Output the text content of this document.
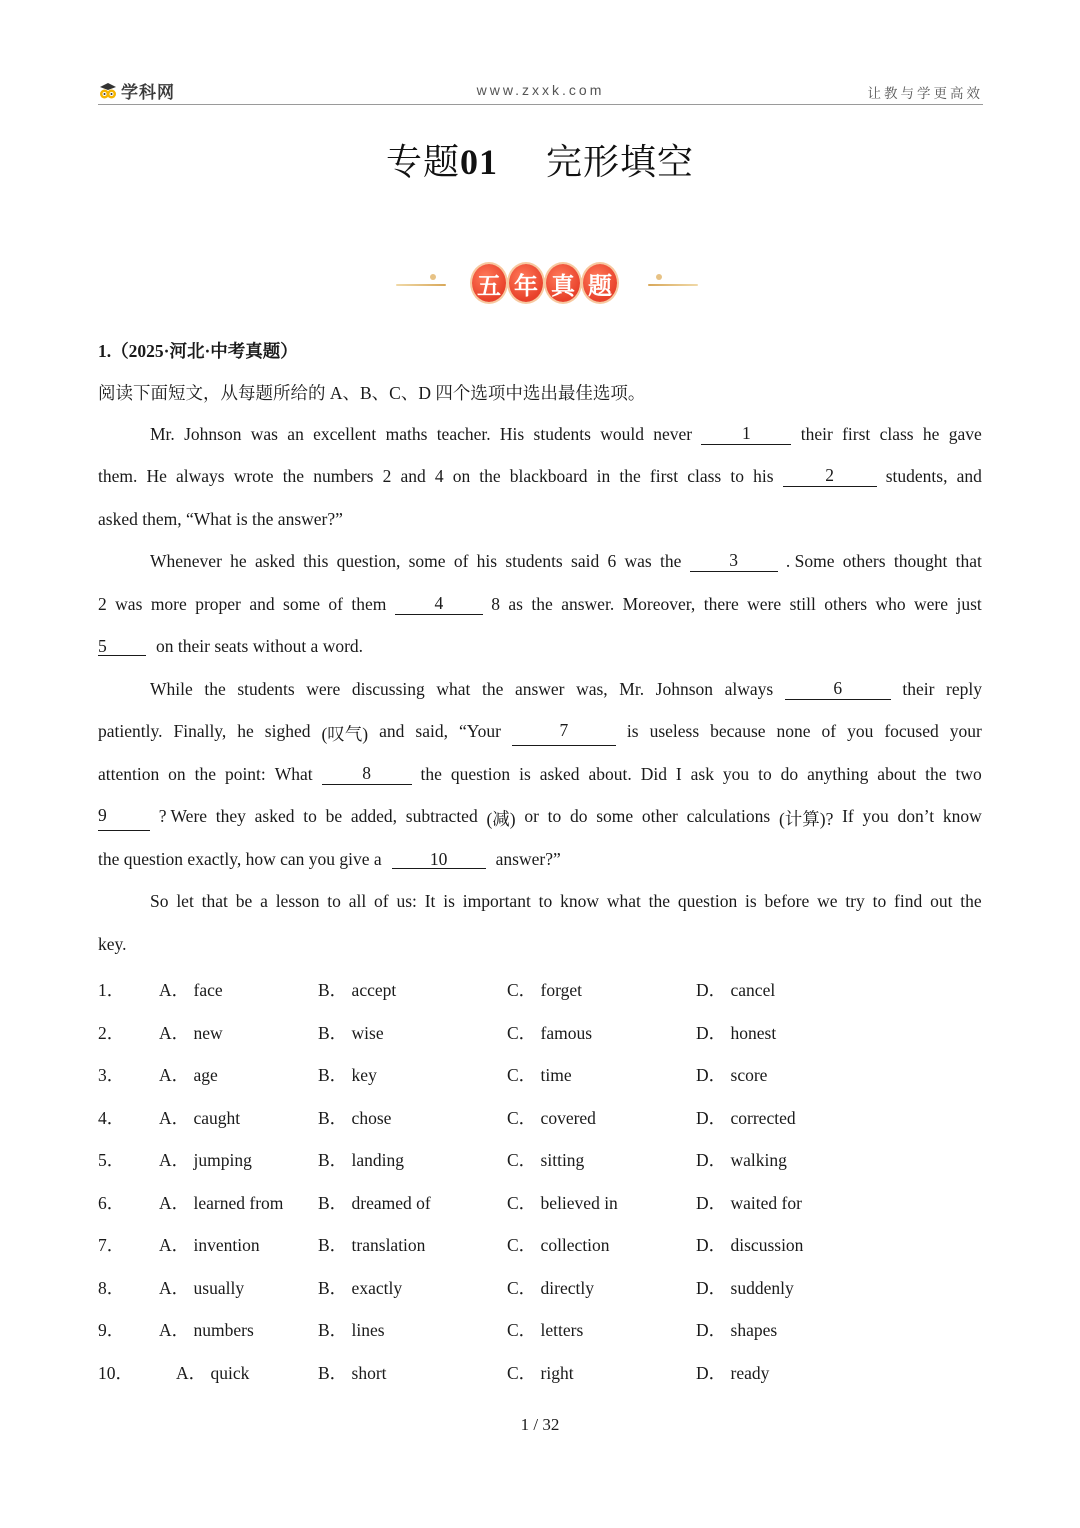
学科网	www.zxxk.com	让教与学更高效
专题01 完形填空
五 年 真 题
1.（2025·河北·中考真题）
阅读下面短文，从每题所给的 A、B、C、D 四个选项中选出最佳选项。
Mr. Johnson was an excellent maths teacher. His students would never	1	their first class he gave
them. He always wrote the numbers 2 and 4 on the blackboard in the first class to his	2	students, and
asked them, “What is the answer?”
Whenever he asked this question, some of his students said 6 was the	3	. Some others thought that
2 was more proper and some of them	4	8 as the answer. Moreover, there were still others who were just
5	on their seats without a word.
While the students were discussing what the answer was, Mr. Johnson always	6	their reply
patiently. Finally, he sighed (叹气) and said, “Your	7	is useless because none of you focused your
attention on the point: What	8	the question is asked about. Did I ask you to do anything about the two
9	? Were they asked to be added, subtracted (减) or to do some other calculations (计算)? If you don’t know
the question exactly, how can you give a	10	answer?”
So let that be a lesson to all of us: It is important to know what the question is before we try to find out the
key.
1． A． face	B． accept	C． forget	D． cancel
2． A． new	B． wise	C． famous	D． honest
3． A． age	B． key	C． time	D． score
4． A． caught	B． chose	C． covered	D． corrected
5． A． jumping	B． landing	C． sitting	D． walking
6． A． learned from B． dreamed of	C． believed in	D． waited for
7． A． invention	B． translation	C． collection	D． discussion
8． A． usually	B． exactly	C． directly	D． suddenly
9． A． numbers	B． lines	C． letters	D． shapes
10． A． quick	B． short	C． right	D． ready
1 / 32
